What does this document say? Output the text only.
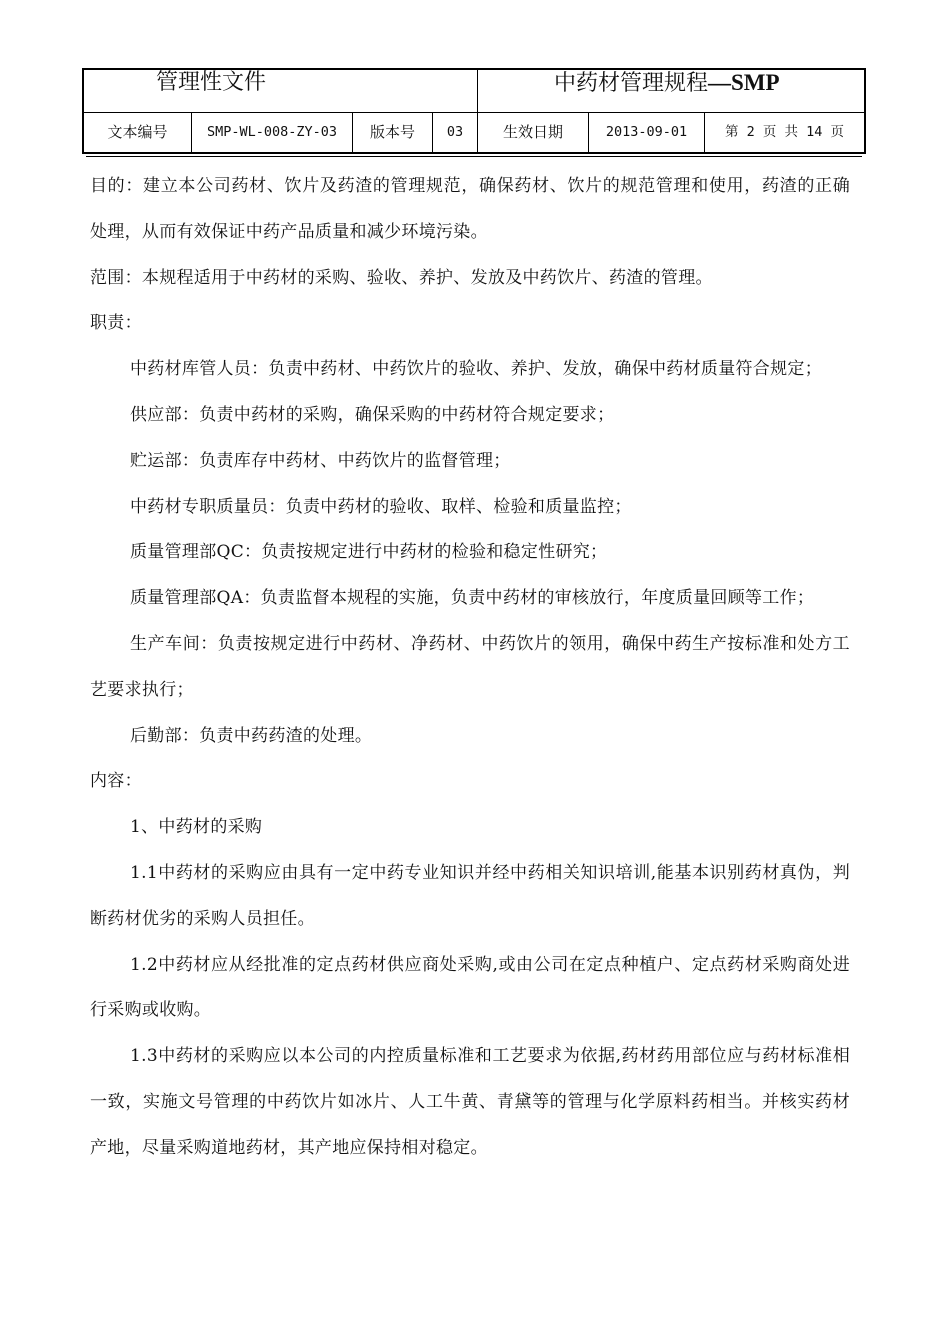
管理性文件	中药材管理规程—SMP
文本编号	SMP-WL-008-ZY-03	版本号	03	生效日期	2013-09-01	第 2 页 共 14 页

目的：建立本公司药材、饮片及药渣的管理规范，确保药材、饮片的规范管理和使用，药渣的正确处理，从而有效保证中药产品质量和减少环境污染。

范围：本规程适用于中药材的采购、验收、养护、发放及中药饮片、药渣的管理。

职责：

中药材库管人员：负责中药材、中药饮片的验收、养护、发放，确保中药材质量符合规定；

供应部：负责中药材的采购，确保采购的中药材符合规定要求；

贮运部：负责库存中药材、中药饮片的监督管理；

中药材专职质量员：负责中药材的验收、取样、检验和质量监控；

质量管理部QC：负责按规定进行中药材的检验和稳定性研究；

质量管理部QA：负责监督本规程的实施，负责中药材的审核放行，年度质量回顾等工作；

生产车间：负责按规定进行中药材、净药材、中药饮片的领用，确保中药生产按标准和处方工艺要求执行；

后勤部：负责中药药渣的处理。

内容：

1、中药材的采购

1.1中药材的采购应由具有一定中药专业知识并经中药相关知识培训,能基本识别药材真伪，判断药材优劣的采购人员担任。

1.2中药材应从经批准的定点药材供应商处采购,或由公司在定点种植户、定点药材采购商处进行采购或收购。

1.3中药材的采购应以本公司的内控质量标准和工艺要求为依据,药材药用部位应与药材标准相一致，实施文号管理的中药饮片如冰片、人工牛黄、青黛等的管理与化学原料药相当。并核实药材产地，尽量采购道地药材，其产地应保持相对稳定。
